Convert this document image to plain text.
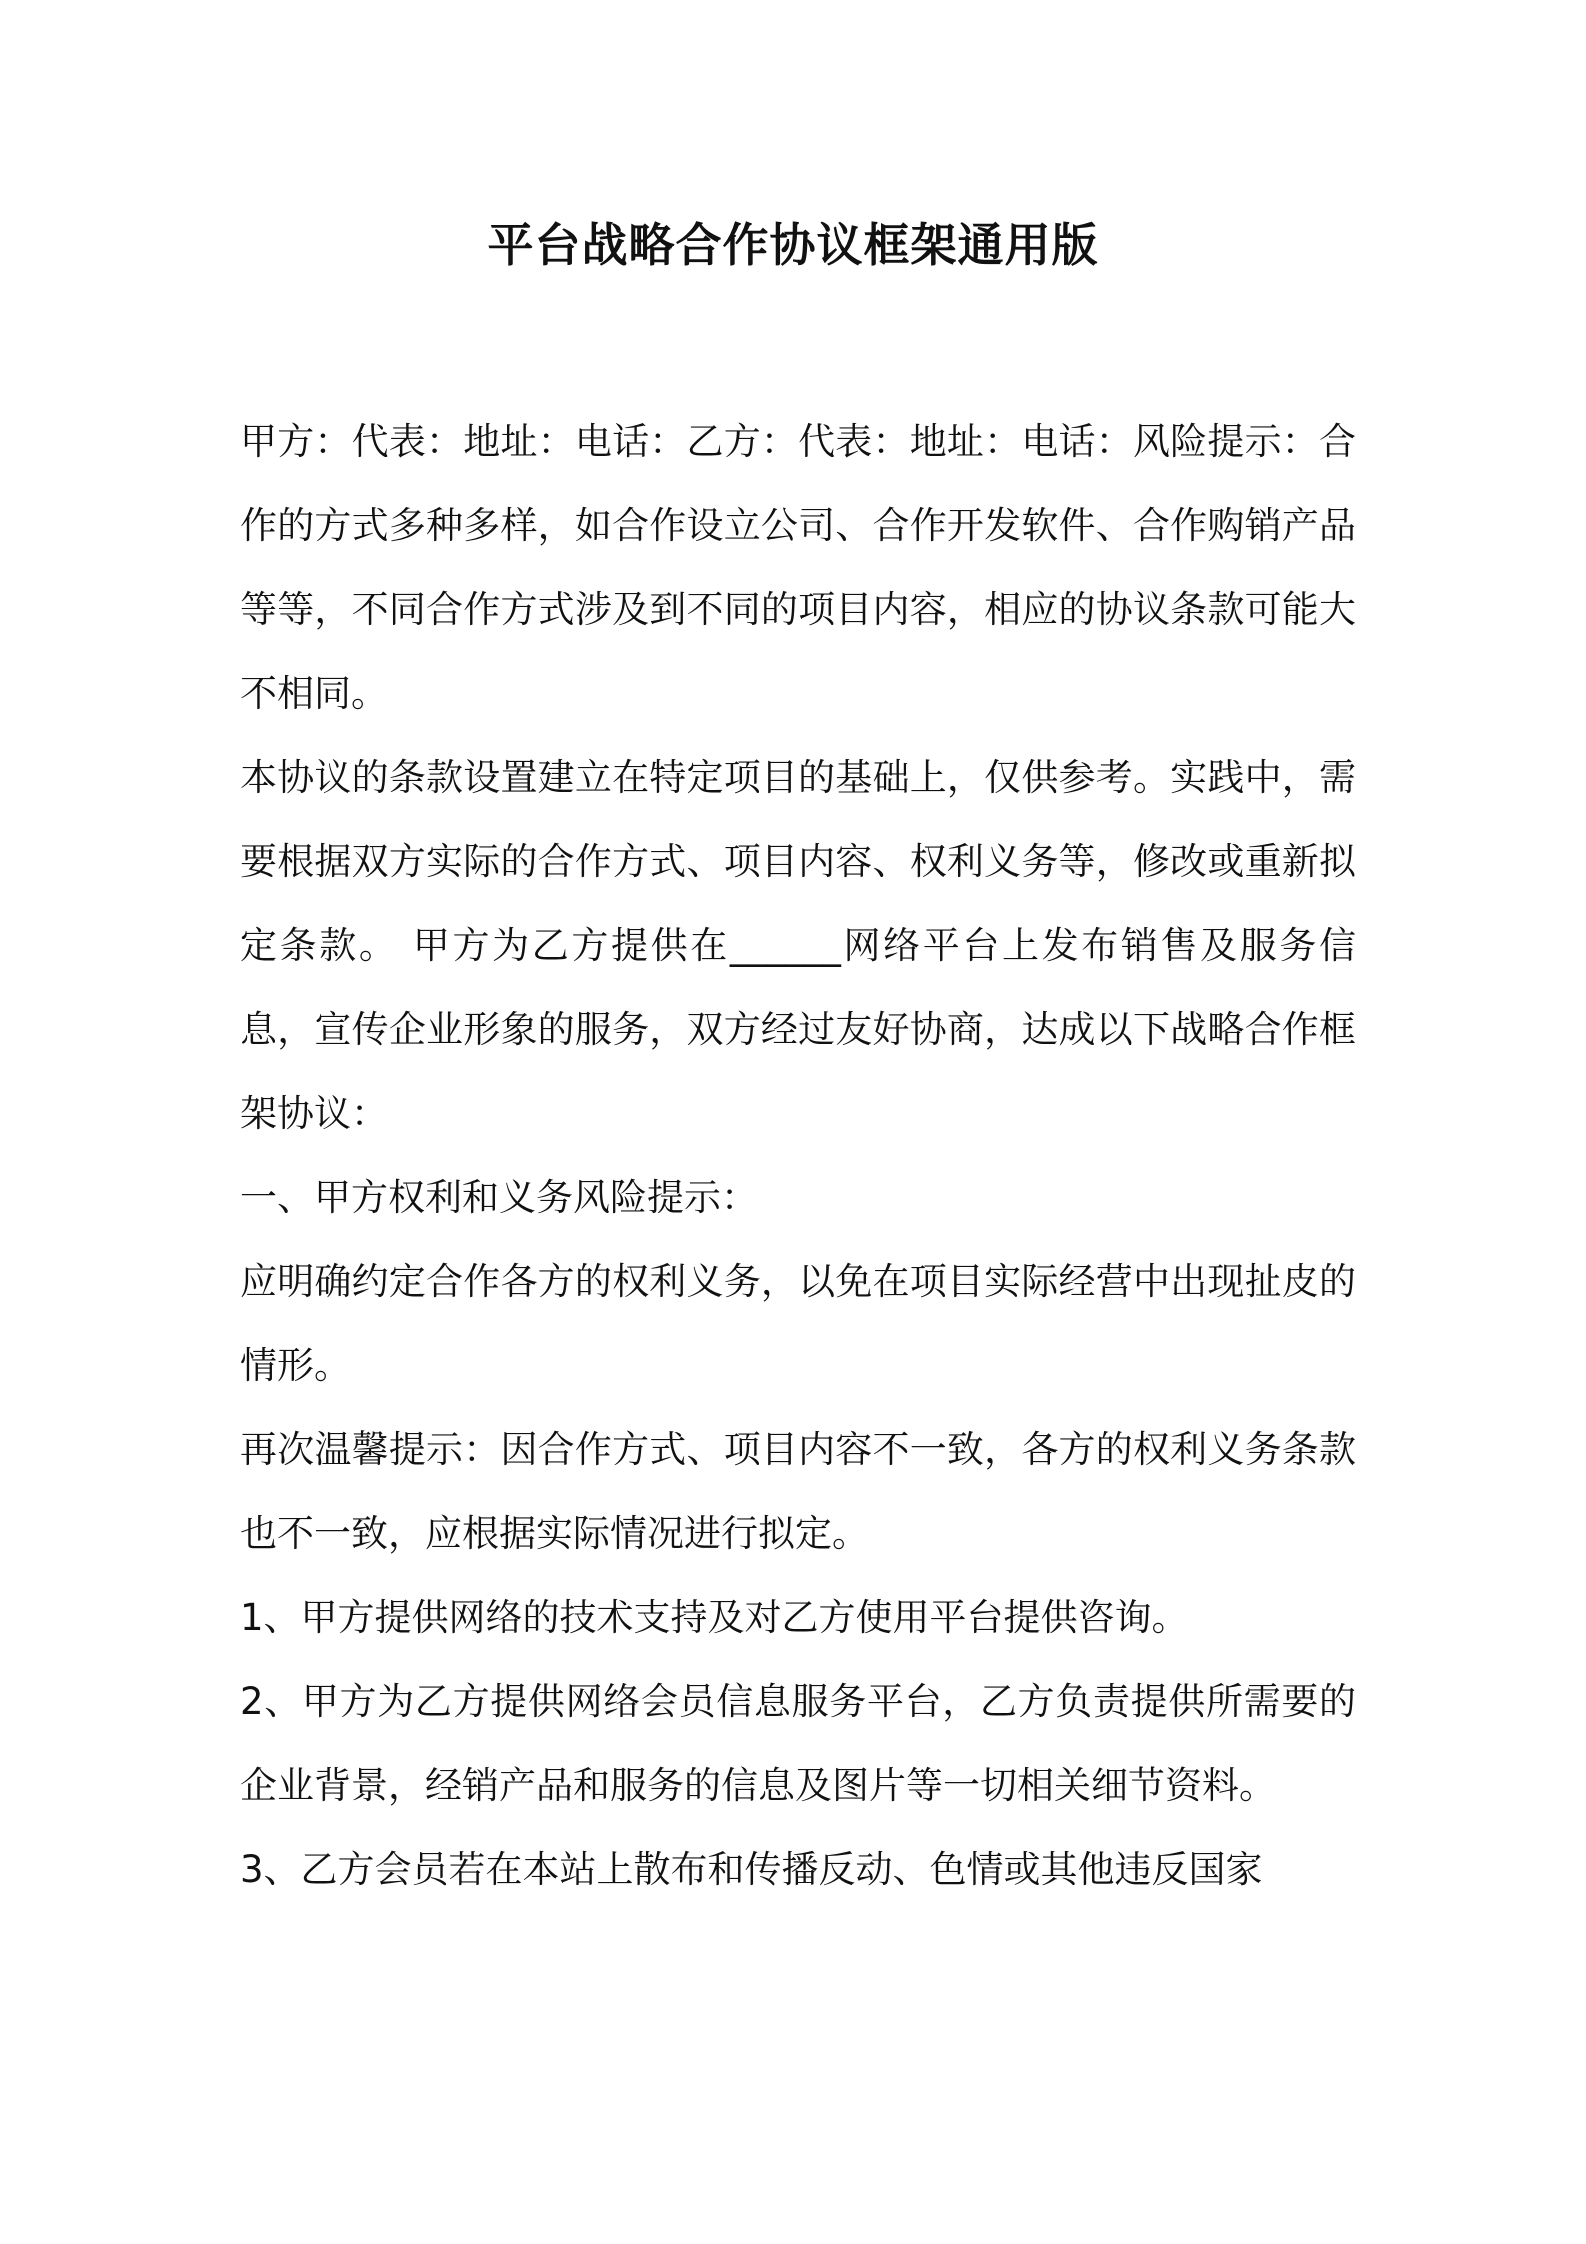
平台战略合作协议框架通用版

甲方：代表：地址：电话：乙方：代表：地址：电话：风险提示：合作的方式多种多样，如合作设立公司、合作开发软件、合作购销产品等等，不同合作方式涉及到不同的项目内容，相应的协议条款可能大不相同。

本协议的条款设置建立在特定项目的基础上，仅供参考。实践中，需要根据双方实际的合作方式、项目内容、权利义务等，修改或重新拟定条款。 甲方为乙方提供在______网络平台上发布销售及服务信息，宣传企业形象的服务，双方经过友好协商，达成以下战略合作框架协议：

一、甲方权利和义务风险提示：

应明确约定合作各方的权利义务，以免在项目实际经营中出现扯皮的情形。

再次温馨提示：因合作方式、项目内容不一致，各方的权利义务条款也不一致，应根据实际情况进行拟定。

1、甲方提供网络的技术支持及对乙方使用平台提供咨询。

2、甲方为乙方提供网络会员信息服务平台，乙方负责提供所需要的企业背景，经销产品和服务的信息及图片等一切相关细节资料。

3、乙方会员若在本站上散布和传播反动、色情或其他违反国家
